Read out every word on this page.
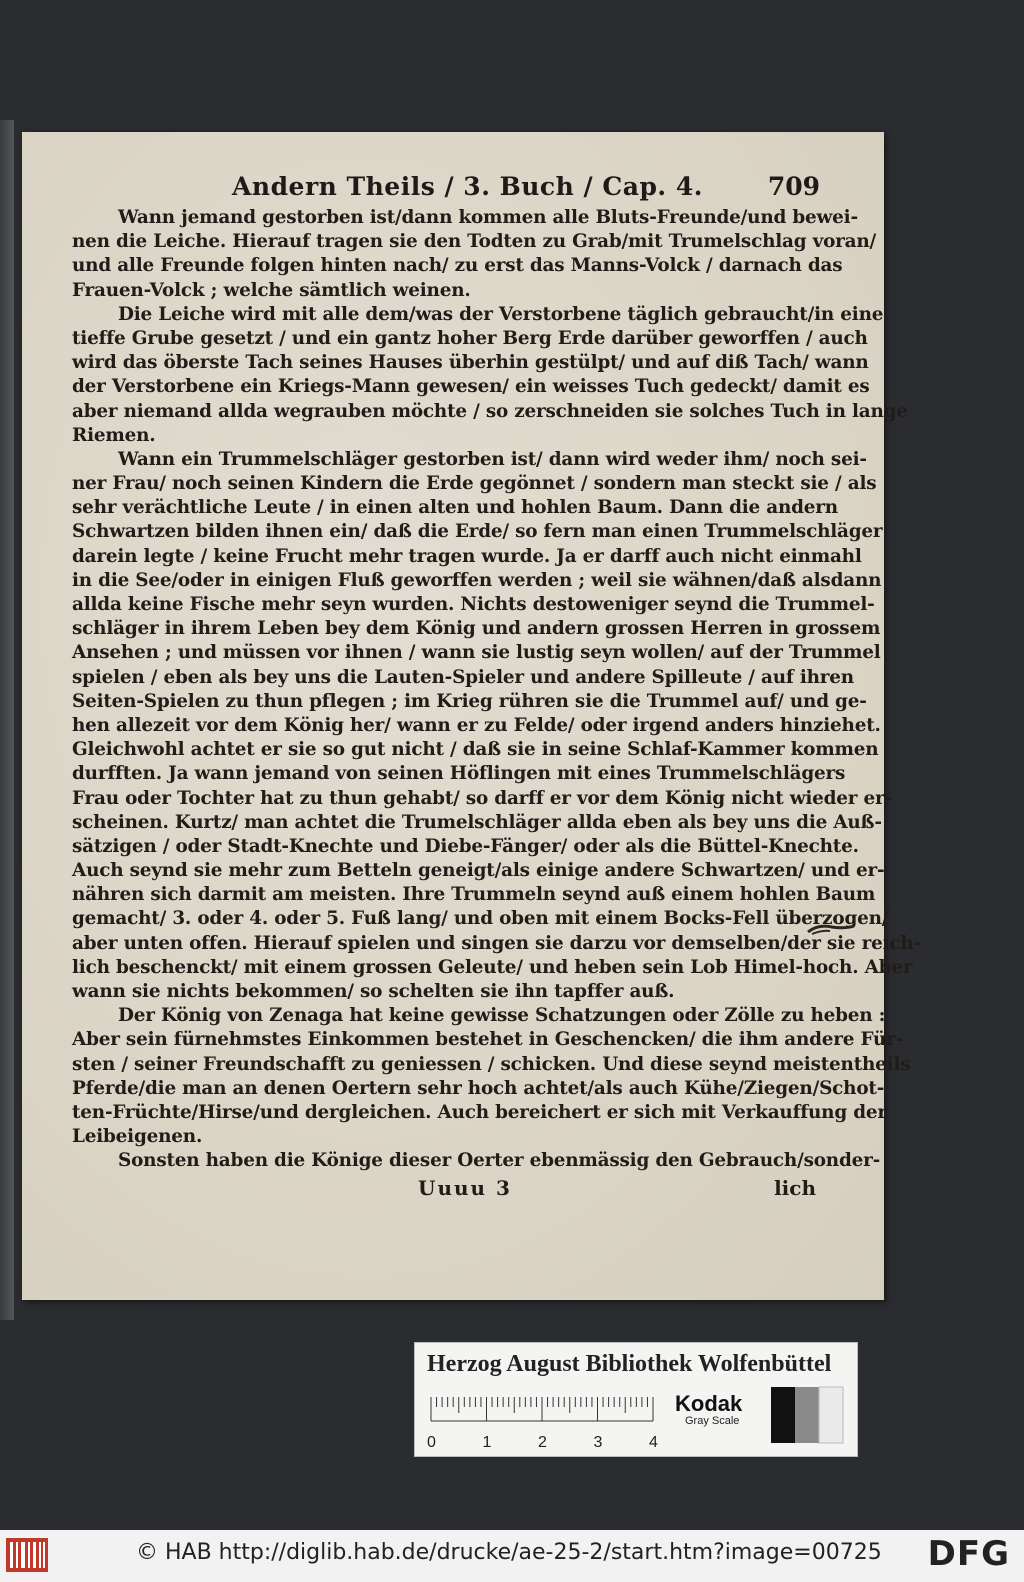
Andern Theils / 3. Buch / Cap. 4.	709
Wann jemand gestorben ist/dann kommen alle Bluts-Freunde/und bewei-
nen die Leiche. Hierauf tragen sie den Todten zu Grab/mit Trumelschlag voran/
und alle Freunde folgen hinten nach/ zu erst das Manns-Volck / darnach das
Frauen-Volck ; welche sämtlich weinen.
Die Leiche wird mit alle dem/was der Verstorbene täglich gebraucht/in eine
tieffe Grube gesetzt / und ein gantz hoher Berg Erde darüber geworffen / auch
wird das öberste Tach seines Hauses überhin gestülpt/ und auf diß Tach/ wann
der Verstorbene ein Kriegs-Mann gewesen/ ein weisses Tuch gedeckt/ damit es
aber niemand allda wegrauben möchte / so zerschneiden sie solches Tuch in lange
Riemen.
Wann ein Trummelschläger gestorben ist/ dann wird weder ihm/ noch sei-
ner Frau/ noch seinen Kindern die Erde gegönnet / sondern man steckt sie / als
sehr verächtliche Leute / in einen alten und hohlen Baum. Dann die andern
Schwartzen bilden ihnen ein/ daß die Erde/ so fern man einen Trummelschläger
darein legte / keine Frucht mehr tragen wurde. Ja er darff auch nicht einmahl
in die See/oder in einigen Fluß geworffen werden ; weil sie wähnen/daß alsdann
allda keine Fische mehr seyn wurden. Nichts destoweniger seynd die Trummel-
schläger in ihrem Leben bey dem König und andern grossen Herren in grossem
Ansehen ; und müssen vor ihnen / wann sie lustig seyn wollen/ auf der Trummel
spielen / eben als bey uns die Lauten-Spieler und andere Spilleute / auf ihren
Seiten-Spielen zu thun pflegen ; im Krieg rühren sie die Trummel auf/ und ge-
hen allezeit vor dem König her/ wann er zu Felde/ oder irgend anders hinziehet.
Gleichwohl achtet er sie so gut nicht / daß sie in seine Schlaf-Kammer kommen
durfften. Ja wann jemand von seinen Höflingen mit eines Trummelschlägers
Frau oder Tochter hat zu thun gehabt/ so darff er vor dem König nicht wieder er-
scheinen. Kurtz/ man achtet die Trumelschläger allda eben als bey uns die Auß-
sätzigen / oder Stadt-Knechte und Diebe-Fänger/ oder als die Büttel-Knechte.
Auch seynd sie mehr zum Betteln geneigt/als einige andere Schwartzen/ und er-
nähren sich darmit am meisten. Ihre Trummeln seynd auß einem hohlen Baum
gemacht/ 3. oder 4. oder 5. Fuß lang/ und oben mit einem Bocks-Fell überzogen/
aber unten offen. Hierauf spielen und singen sie darzu vor demselben/der sie reich-
lich beschenckt/ mit einem grossen Geleute/ und heben sein Lob Himel-hoch. Aber
wann sie nichts bekommen/ so schelten sie ihn tapffer auß.
Der König von Zenaga hat keine gewisse Schatzungen oder Zölle zu heben :
Aber sein fürnehmstes Einkommen bestehet in Geschencken/ die ihm andere Für-
sten / seiner Freundschafft zu geniessen / schicken. Und diese seynd meistentheils
Pferde/die man an denen Oertern sehr hoch achtet/als auch Kühe/Ziegen/Schot-
ten-Früchte/Hirse/und dergleichen. Auch bereichert er sich mit Verkauffung der
Leibeigenen.
Sonsten haben die Könige dieser Oerter ebenmässig den Gebrauch/sonder-
Uuuu 3	lich
Herzog August Bibliothek Wolfenbüttel
0	1	2	3	4
Kodak
Gray Scale
© HAB http://diglib.hab.de/drucke/ae-25-2/start.htm?image=00725 DFG
